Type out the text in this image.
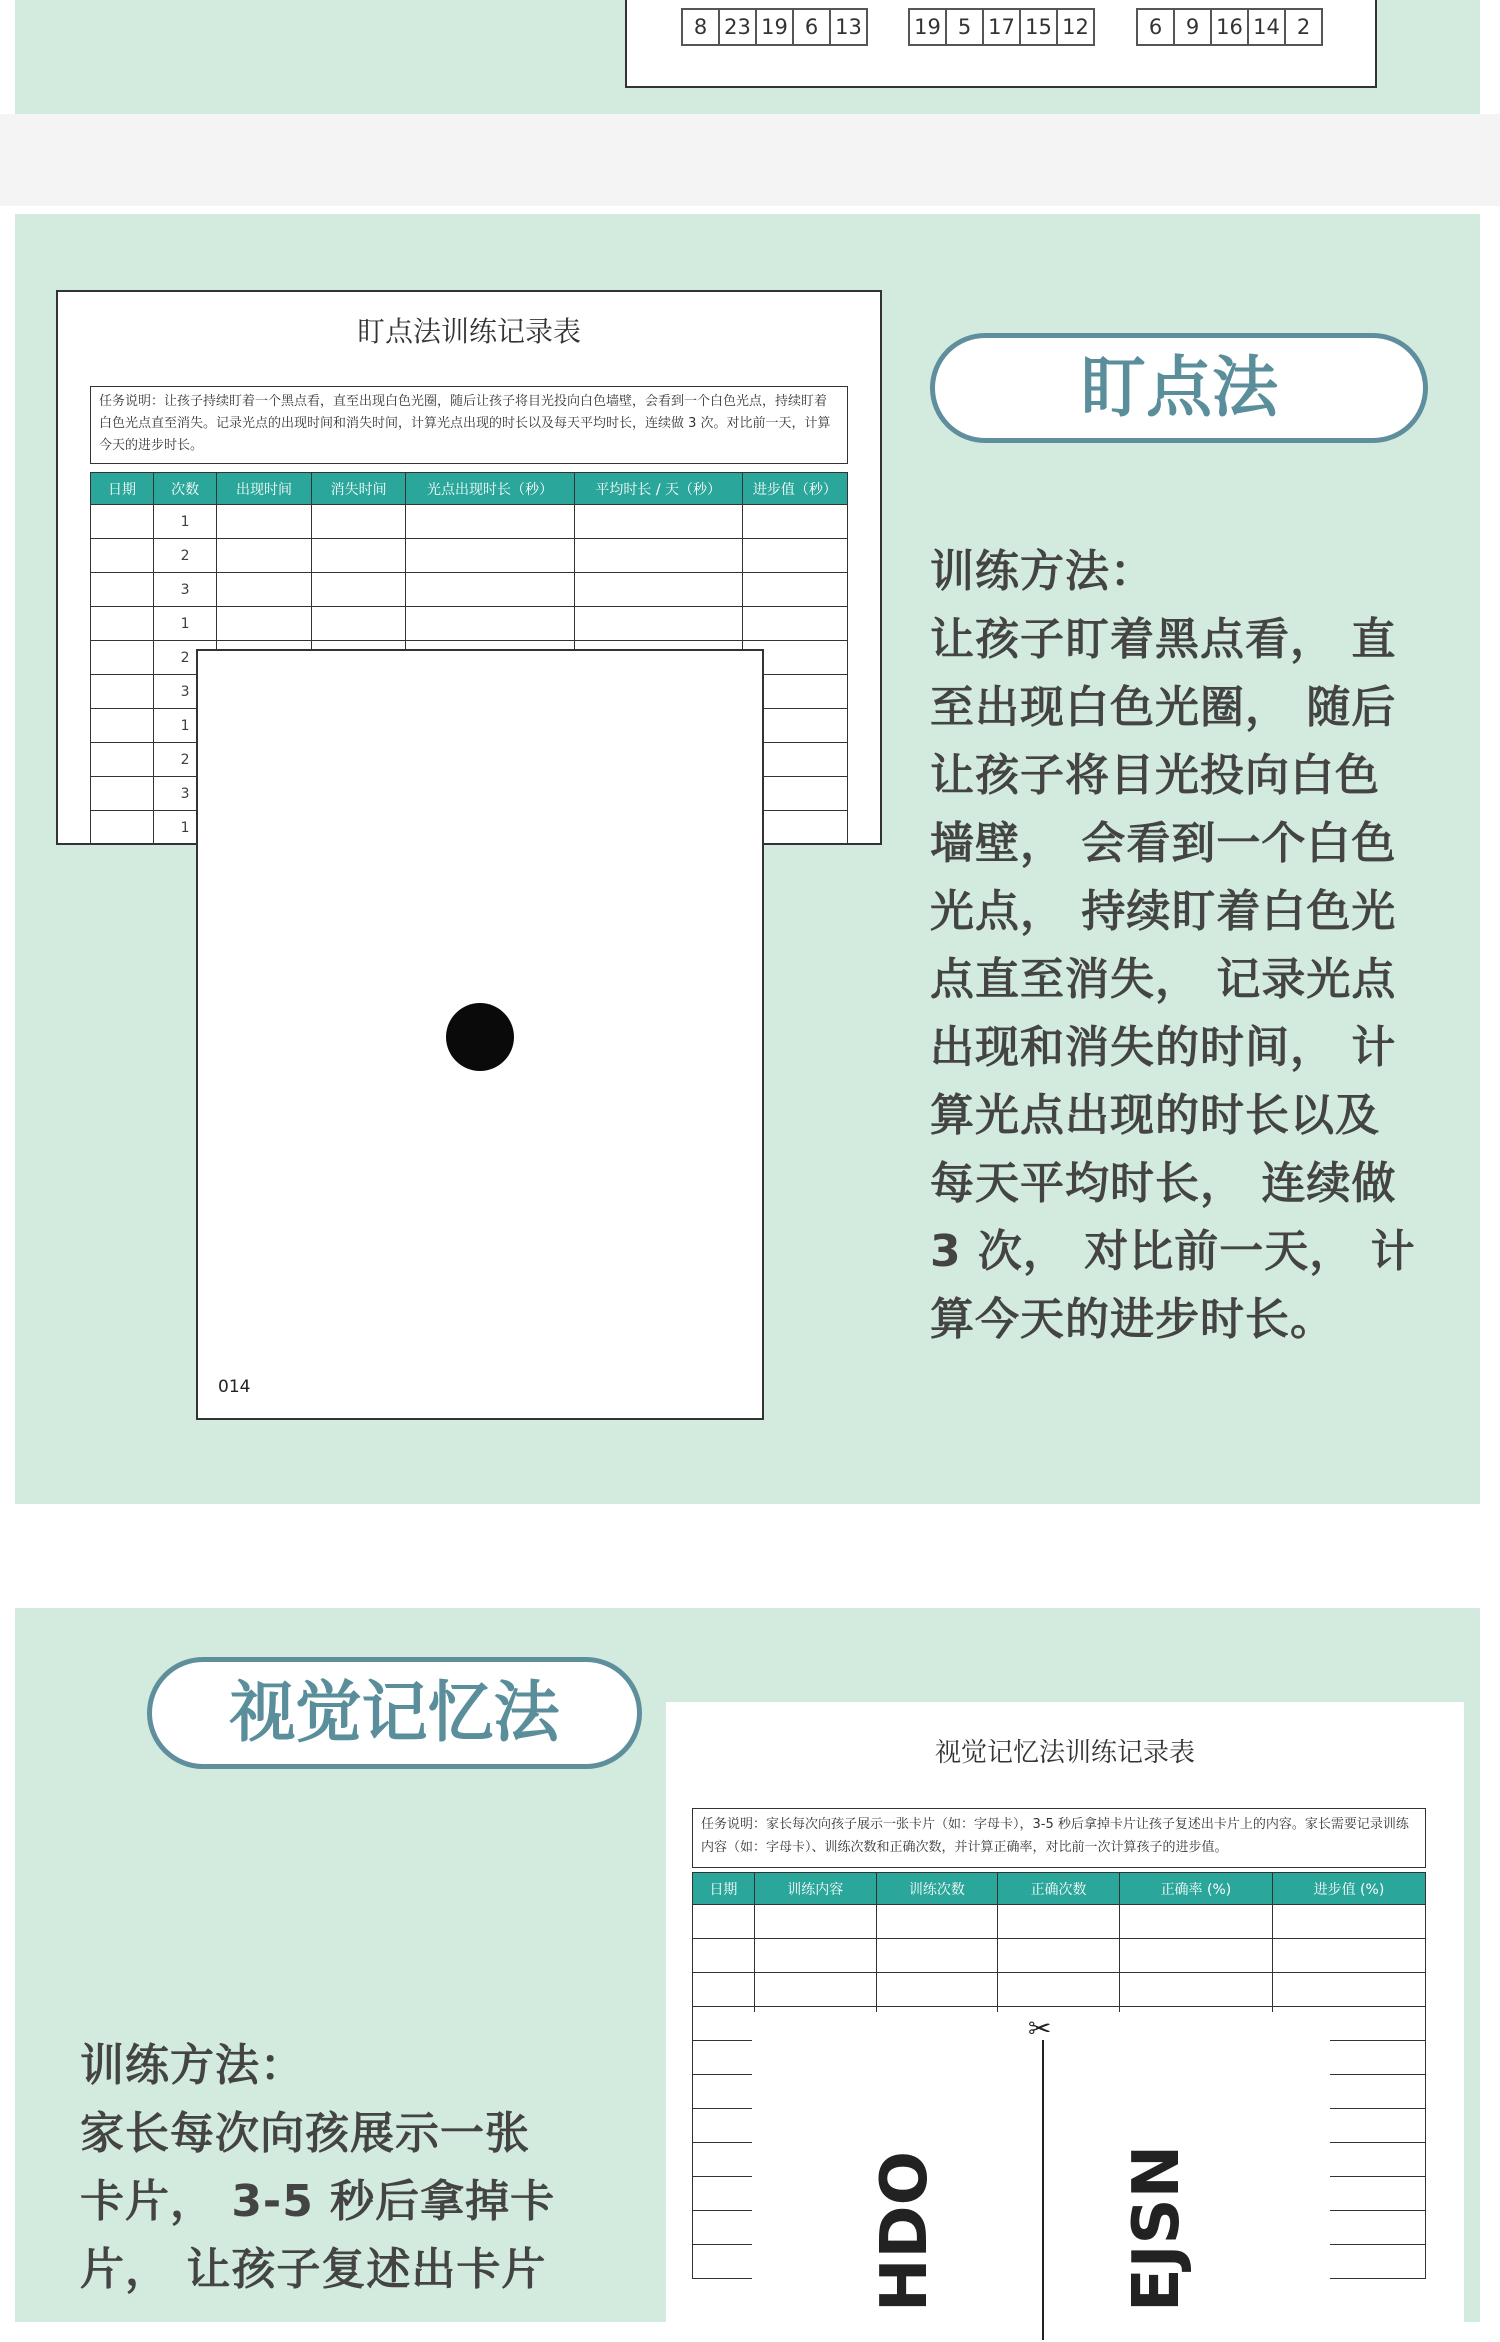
8	23	19	6	13 19	5	17	15	12	6	9	16	14	2
盯点法训练记录表
任务说明：让孩子持续盯着一个黑点看，直至出现白色光圈，随后让孩子将目光投向白色墙壁，会看到一个白色光点，持续盯着白色光点直至消失。记录光点的出现时间和消失时间，计算光点出现的时长以及每天平均时长，连续做 3 次。对比前一天，计算今天的进步时长。
日期	次数	出现时间	消失时间	光点出现时长（秒）	平均时长 / 天（秒）	进步值（秒）
	1					
	2					
	3					
	1					
	2					
	3					
	1					
	2					
	3					
	1					
014
盯点法
训练方法：
让孩子盯着黑点看， 直
至出现白色光圈， 随后
让孩子将目光投向白色
墙壁， 会看到一个白色
光点， 持续盯着白色光
点直至消失， 记录光点
出现和消失的时间， 计
算光点出现的时长以及
每天平均时长， 连续做
3 次， 对比前一天， 计
算今天的进步时长。
视觉记忆法
训练方法：
家长每次向孩展示一张
卡片， 3-5 秒后拿掉卡
片， 让孩子复述出卡片
视觉记忆法训练记录表
任务说明：家长每次向孩子展示一张卡片（如：字母卡），3-5 秒后拿掉卡片让孩子复述出卡片上的内容。家长需要记录训练内容（如：字母卡）、训练次数和正确次数，并计算正确率，对比前一次计算孩子的进步值。
日期	训练内容	训练次数	正确次数	正确率 (%)	进步值 (%)

✂
HDO	EJSN
